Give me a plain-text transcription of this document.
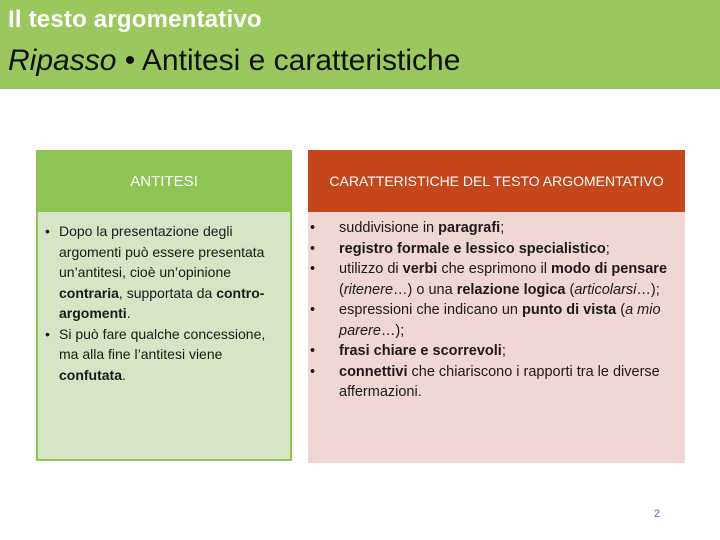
Il testo argomentativo
Ripasso • Antitesi e caratteristiche
ANTITESI
• Dopo la presentazione degli argomenti può essere presentata un’antitesi, cioè un’opinione contraria, supportata da contro-argomenti.
• Si può fare qualche concessione, ma alla fine l’antitesi viene confutata.
CARATTERISTICHE DEL TESTO ARGOMENTATIVO
• suddivisione in paragrafi;
• registro formale e lessico specialistico;
• utilizzo di verbi che esprimono il modo di pensare (ritenere…) o una relazione logica (articolarsi…);
• espressioni che indicano un punto di vista (a mio parere…);
• frasi chiare e scorrevoli;
• connettivi che chiariscono i rapporti tra le diverse affermazioni.
2
